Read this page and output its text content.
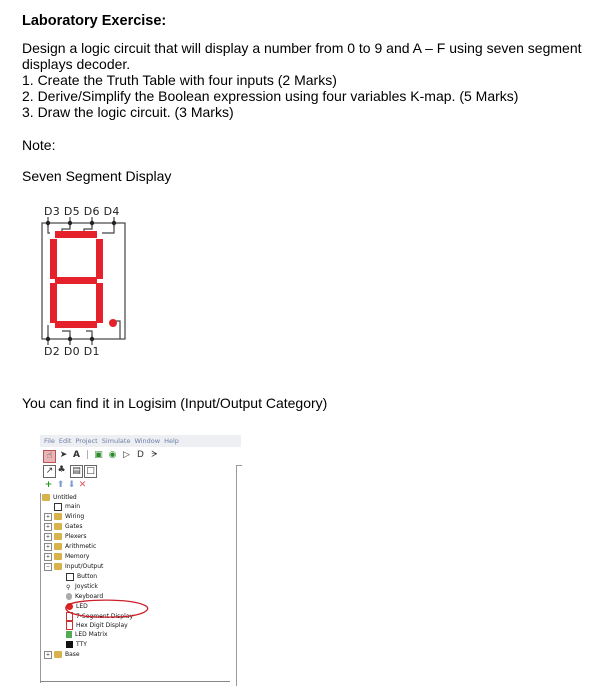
Laboratory Exercise:
Design a logic circuit that will display a number from 0 to 9 and A – F using seven segment displays decoder.
1. Create the Truth Table with four inputs (2 Marks)
2. Derive/Simplify the Boolean expression using four variables K-map. (5 Marks)
3. Draw the logic circuit. (3 Marks)
Note:
Seven Segment Display
D3 D5 D6 D4
D2 D0 D1
You can find it in Logisim (Input/Output Category)
File Edit Project Simulate Window Help
☝ ➤ A | ▣ ◉ ▷ D ᗒ
↗ ♣ ▤ □
+ ⬆ ⬇ ✕
Untitled
main
+	Wiring
+	Gates
+	Plexers
+	Arithmetic
+	Memory
−	Input/Output
Button
⚲ Joystick
Keyboard
LED
7-Segment Display
Hex Digit Display
LED Matrix
TTY
+	Base
